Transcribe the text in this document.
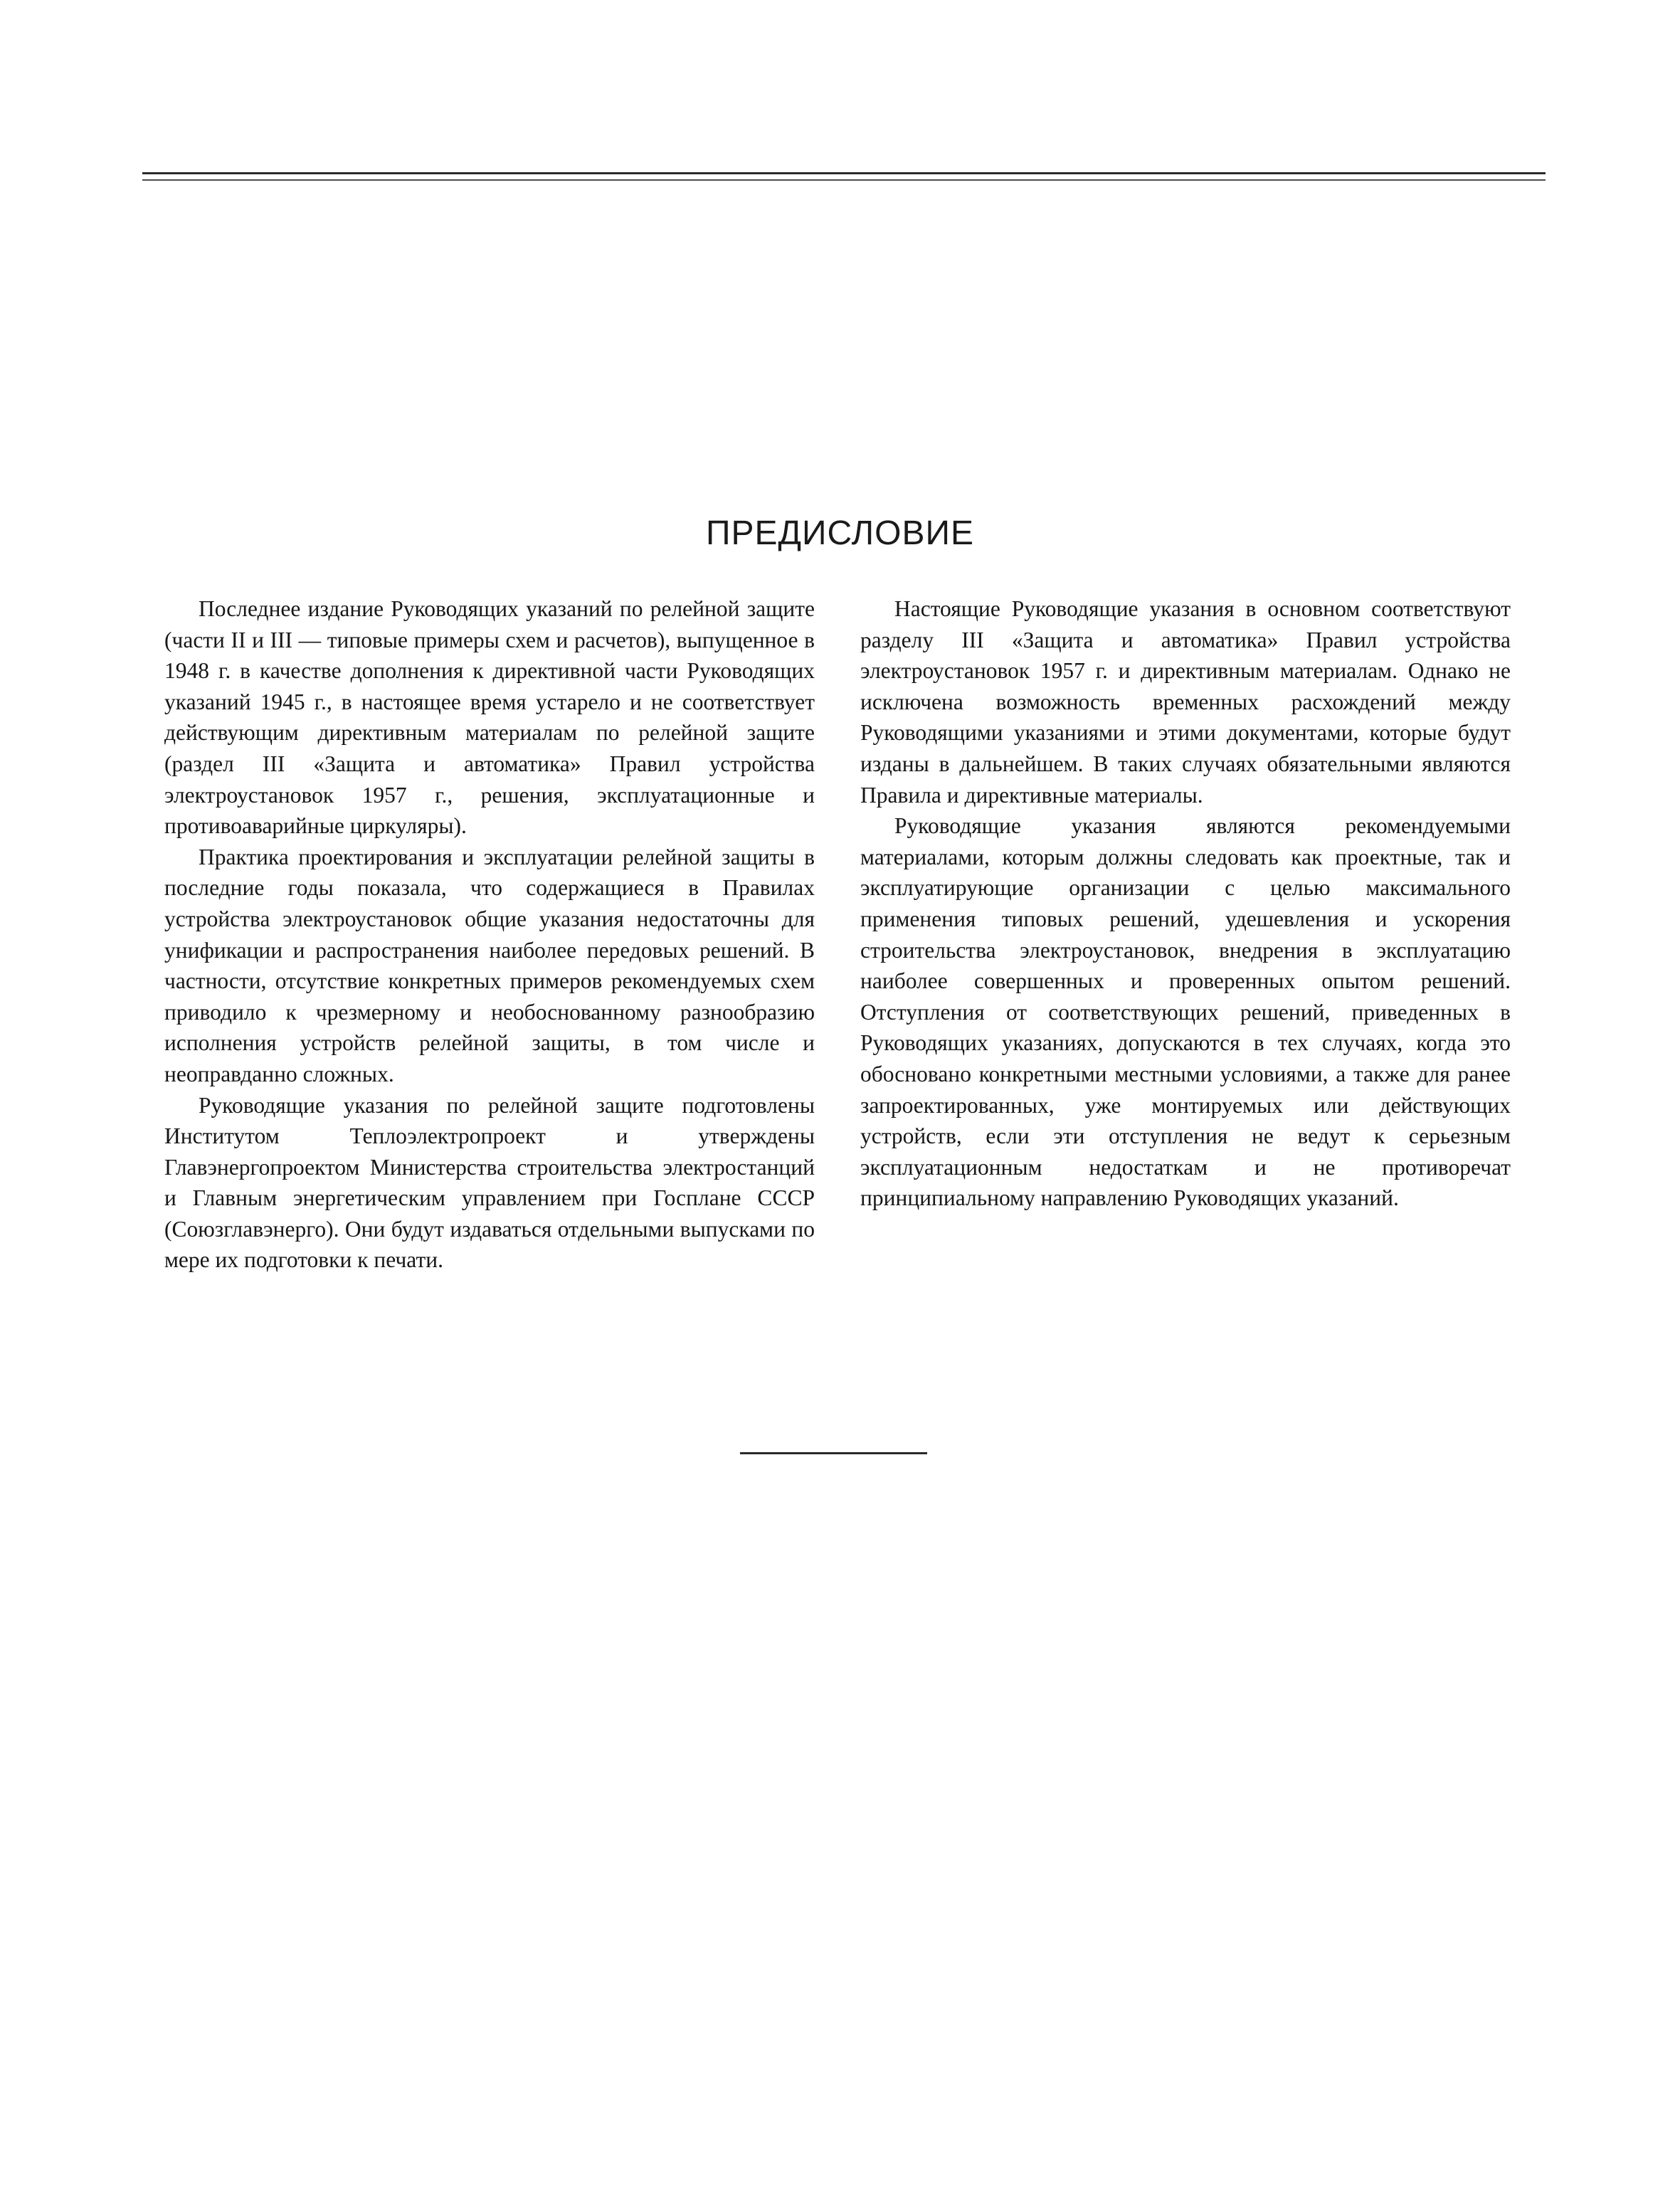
ПРЕДИСЛОВИЕ

Последнее издание Руководящих указаний по релейной защите (части II и III — типовые примеры схем и расчетов), выпущенное в 1948 г. в качестве дополнения к директивной части Руководящих указаний 1945 г., в настоящее время устарело и не соответствует действующим директивным материалам по релейной защите (раздел III «Защита и автоматика» Правил устройства электроустановок 1957 г., решения, эксплуатационные и противоаварийные циркуляры).

Практика проектирования и эксплуатации релейной защиты в последние годы показала, что содержащиеся в Правилах устройства электроустановок общие указания недостаточны для унификации и распространения наиболее передовых решений. В частности, отсутствие конкретных примеров рекомендуемых схем приводило к чрезмерному и необоснованному разнообразию исполнения устройств релейной защиты, в том числе и неоправданно сложных.

Руководящие указания по релейной защите подготовлены Институтом Теплоэлектропроект и утверждены Главэнергопроектом Министерства строительства электростанций и Главным энергетическим управлением при Госплане СССР (Союзглавэнерго). Они будут издаваться отдельными выпусками по мере их подготовки к печати.

Настоящие Руководящие указания в основном соответствуют разделу III «Защита и автоматика» Правил устройства электроустановок 1957 г. и директивным материалам. Однако не исключена возможность временных расхождений между Руководящими указаниями и этими документами, которые будут изданы в дальнейшем. В таких случаях обязательными являются Правила и директивные материалы.

Руководящие указания являются рекомендуемыми материалами, которым должны следовать как проектные, так и эксплуатирующие организации с целью максимального применения типовых решений, удешевления и ускорения строительства электроустановок, внедрения в эксплуатацию наиболее совершенных и проверенных опытом решений. Отступления от соответствующих решений, приведенных в Руководящих указаниях, допускаются в тех случаях, когда это обосновано конкретными местными условиями, а также для ранее запроектированных, уже монтируемых или действующих устройств, если эти отступления не ведут к серьезным эксплуатационным недостаткам и не противоречат принципиальному направлению Руководящих указаний.
